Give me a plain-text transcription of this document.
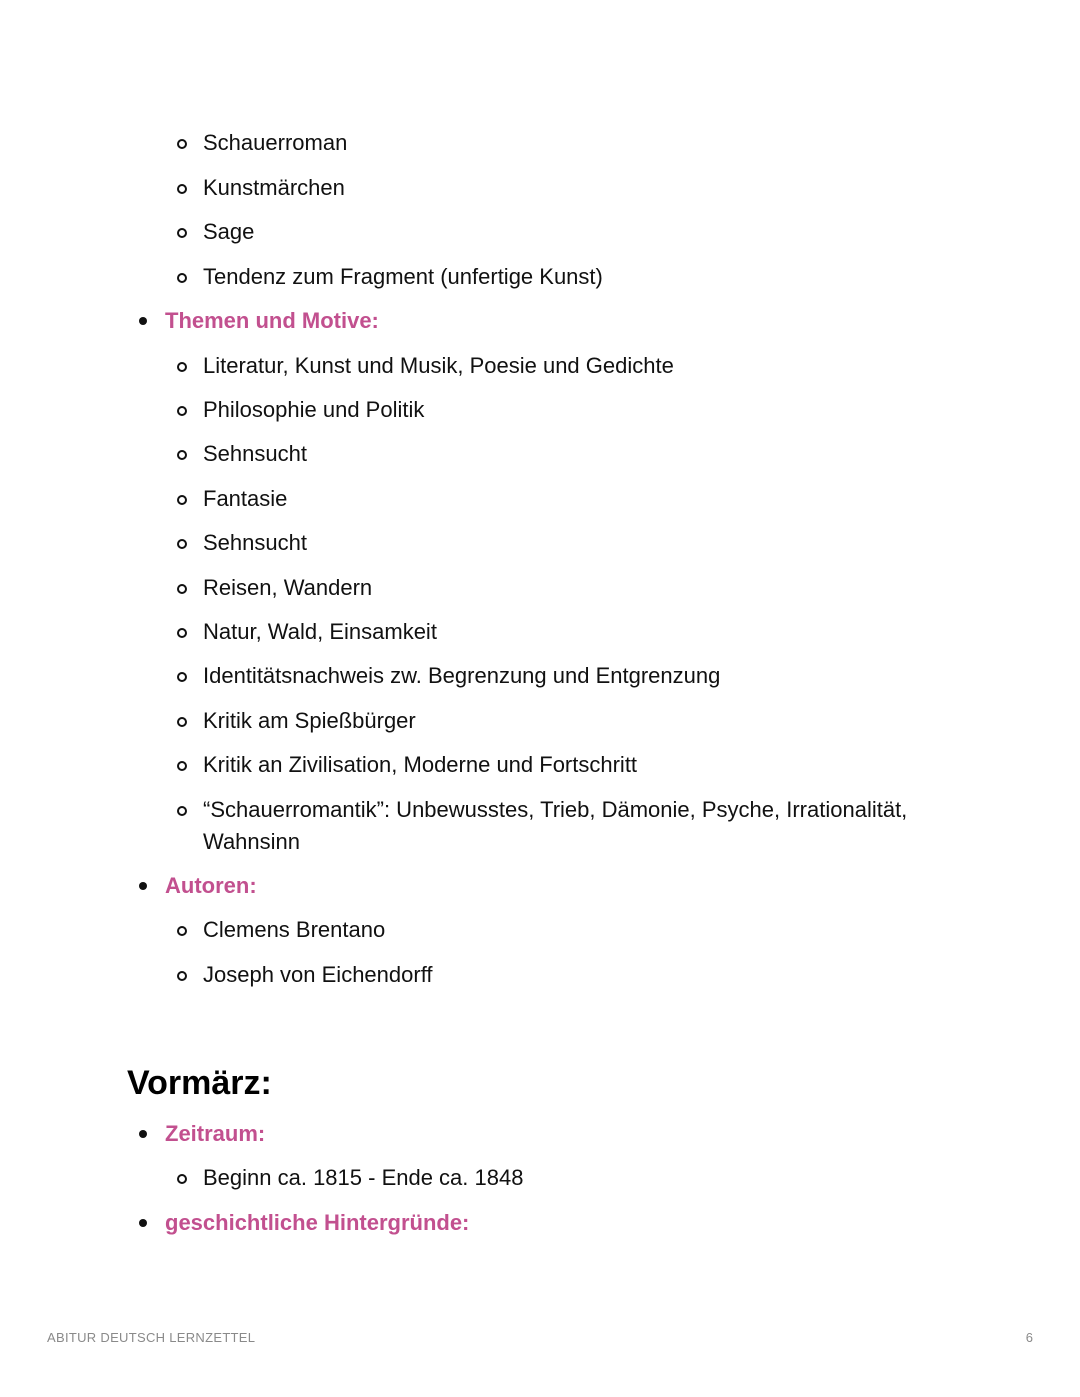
Schauerroman
Kunstmärchen
Sage
Tendenz zum Fragment (unfertige Kunst)
Themen und Motive:
Literatur, Kunst und Musik, Poesie und Gedichte
Philosophie und Politik
Sehnsucht
Fantasie
Sehnsucht
Reisen, Wandern
Natur, Wald, Einsamkeit
Identitätsnachweis zw. Begrenzung und Entgrenzung
Kritik am Spießbürger
Kritik an Zivilisation, Moderne und Fortschritt
“Schauerromantik”: Unbewusstes, Trieb, Dämonie, Psyche, Irrationalität, Wahnsinn
Autoren:
Clemens Brentano
Joseph von Eichendorff
Vormärz:
Zeitraum:
Beginn ca. 1815 - Ende ca. 1848
geschichtliche Hintergründe:
ABITUR DEUTSCH LERNZETTEL	6
